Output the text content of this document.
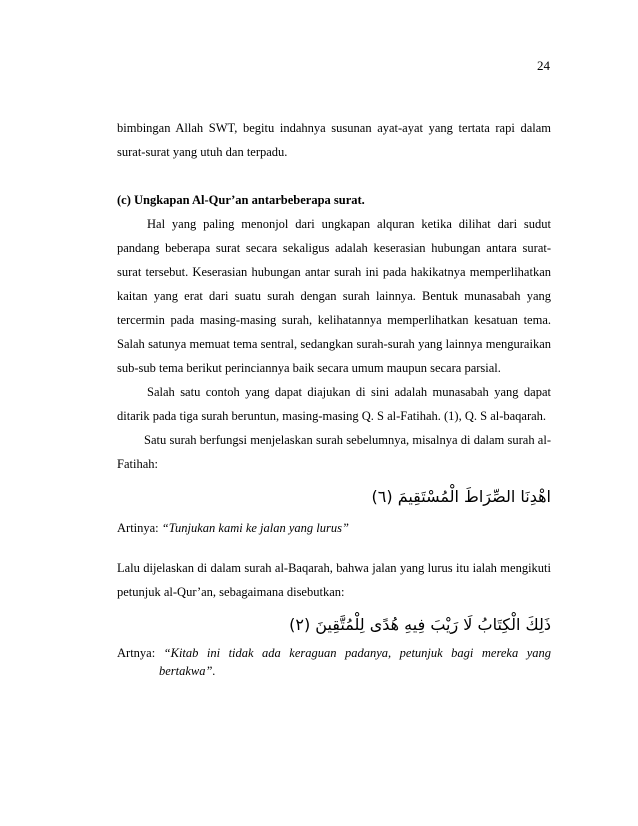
24

bimbingan Allah SWT, begitu indahnya susunan ayat-ayat yang tertata rapi dalam surat-surat yang utuh dan terpadu.

(c) Ungkapan Al-Qur’an antarbeberapa surat.

Hal yang paling menonjol dari ungkapan alquran ketika dilihat dari sudut pandang beberapa surat secara sekaligus adalah keserasian hubungan antara surat-surat tersebut. Keserasian hubungan antar surah ini pada hakikatnya memperlihatkan kaitan yang erat dari suatu surah dengan surah lainnya. Bentuk munasabah yang tercermin pada masing-masing surah, kelihatannya memperlihatkan kesatuan tema. Salah satunya memuat tema sentral, sedangkan surah-surah yang lainnya menguraikan sub-sub tema berikut perinciannya baik secara umum maupun secara parsial.

Salah satu contoh yang dapat diajukan di sini adalah munasabah yang dapat ditarik pada tiga surah beruntun, masing-masing Q. S al-Fatihah. (1), Q. S al-baqarah.

Satu surah berfungsi menjelaskan surah sebelumnya, misalnya di dalam surah al-Fatihah:

اهْدِنَا الصِّرَاطَ الْمُسْتَقِيمَ (٦)

Artinya: “Tunjukan kami ke jalan yang lurus”

Lalu dijelaskan di dalam surah al-Baqarah, bahwa jalan yang lurus itu ialah mengikuti petunjuk al-Qur’an, sebagaimana disebutkan:

ذَلِكَ الْكِتَابُ لَا رَيْبَ فِيهِ هُدًى لِلْمُتَّقِينَ (٢)

Artnya: “Kitab ini tidak ada keraguan padanya, petunjuk bagi mereka yang bertakwa”.
